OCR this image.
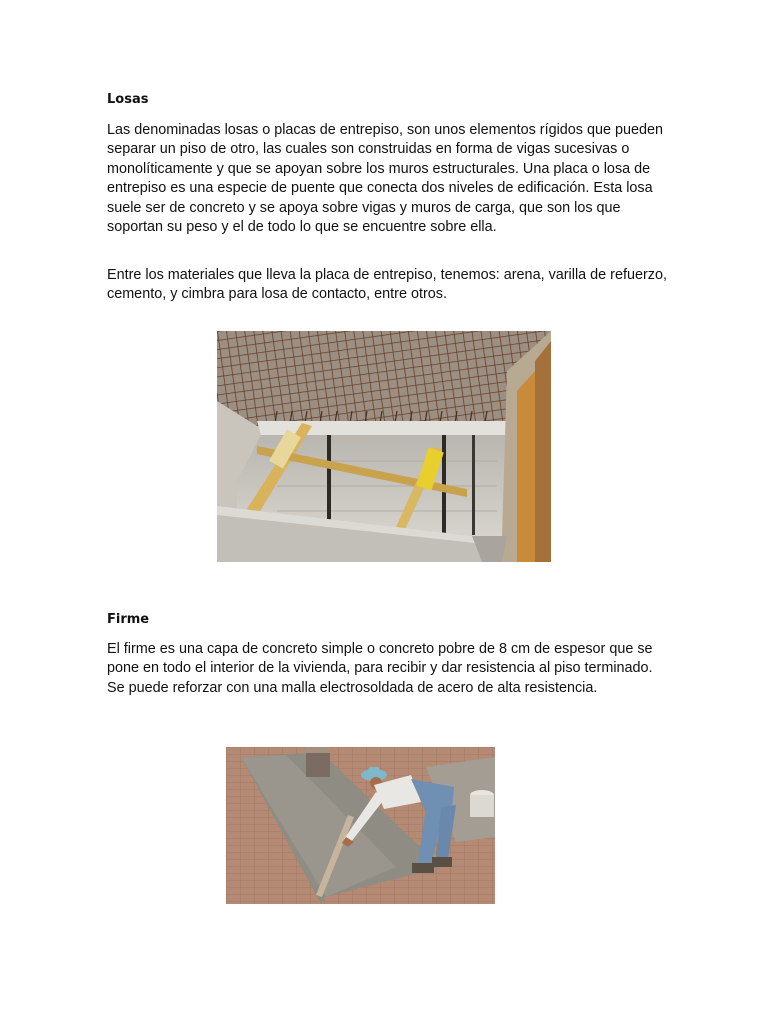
Losas

Las denominadas losas o placas de entrepiso, son unos elementos rígidos que pueden separar un piso de otro, las cuales son construidas en forma de vigas sucesivas o monolíticamente y que se apoyan sobre los muros estructurales. Una placa o losa de entrepiso es una especie de puente que conecta dos niveles de edificación. Esta losa suele ser de concreto y se apoya sobre vigas y muros de carga, que son los que soportan su peso y el de todo lo que se encuentre sobre ella.

Entre los materiales que lleva la placa de entrepiso, tenemos: arena, varilla de refuerzo, cemento, y cimbra para losa de contacto, entre otros.

Firme

El firme es una capa de concreto simple o concreto pobre de 8 cm de espesor que se pone en todo el interior de la vivienda, para recibir y dar resistencia al piso terminado. Se puede reforzar con una malla electrosoldada de acero de alta resistencia.
